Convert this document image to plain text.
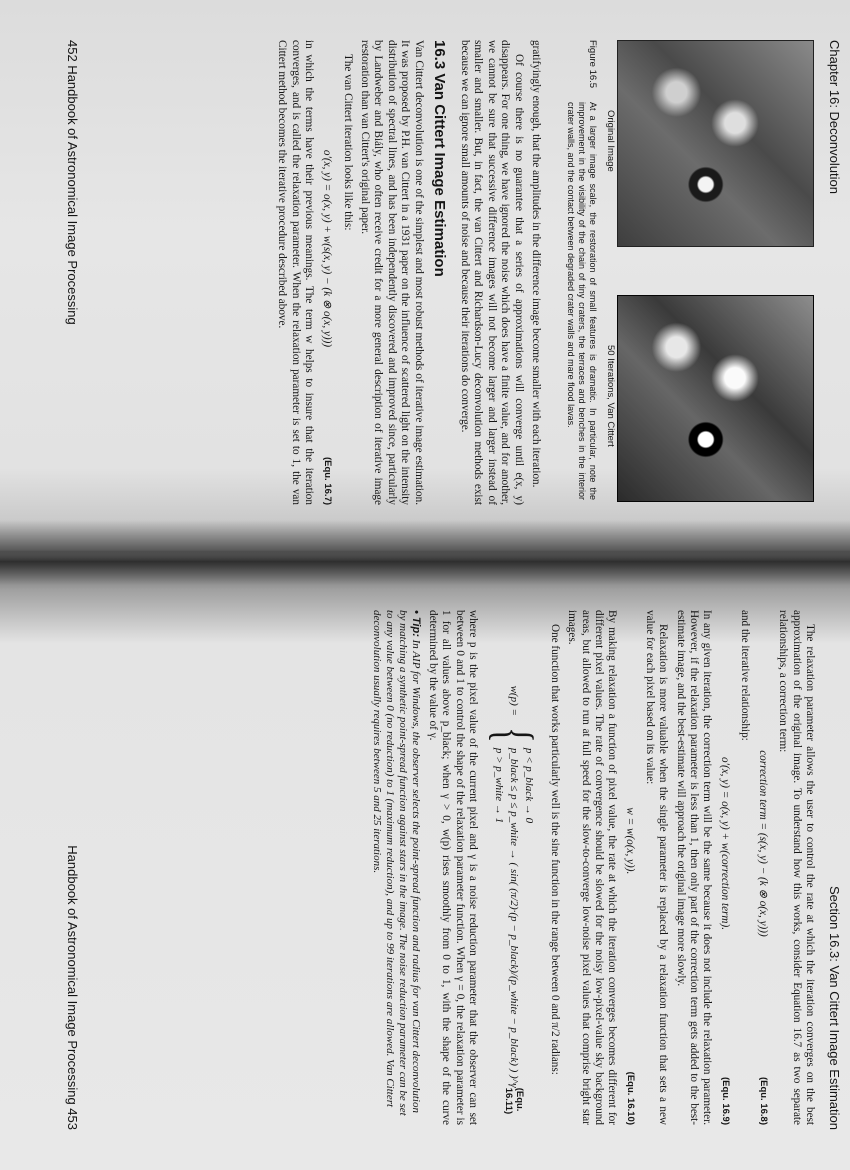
Chapter 16: Deconvolution
Original Image
50 Iterations, Van Cittert
Figure 16.5
At a larger image scale, the restoration of small features is dramatic. In particular, note the improvement in the visibility of the chain of tiny craters, the terraces and benches in the interior crater walls, and the contact between degraded crater walls and mare flood lavas.

gratifyingly enough, that the amplitudes in the difference image become smaller with each iteration.

Of course there is no guarantee that a series of approximations will converge until e(x, y) disappears. For one thing, we have ignored the noise which does have a finite value, and for another, we cannot be sure that successive difference images will not become larger and larger instead of smaller and smaller. But, in fact, the van Cittert and Richardson-Lucy deconvolution methods exist because we can ignore small amounts of noise and because their iterations do converge.

16.3 Van Cittert Image Estimation

Van Cittert deconvolution is one of the simplest and most robust methods of iterative image estimation. It was proposed by P.H. van Cittert in a 1931 paper on the influence of scattered light on the intensity distribution of spectral lines, and has been independently discovered and improved since, particularly by Landweber and Biály, who often receive credit for a more general description of iterative image restoration than van Cittert's original paper.

The van Cittert iteration looks like this:

o′(x, y) = o(x, y) + w(s(x, y) − (k ⊗ o(x, y)))
(Equ. 16.7)

in which the terms have their previous meanings. The term w helps to insure that the iteration converges, and is called the relaxation parameter. When the relaxation parameter is set to 1, the van Cittert method becomes the iterative procedure described above.

452 Handbook of Astronomical Image Processing
Section 16.3: Van Cittert Image Estimation

The relaxation parameter allows the user to control the rate at which the iteration converges on the best approximation of the original image. To understand how this works, consider Equation 16.7 as two separate relationships, a correction term:

correction term = (s(x, y) − (k ⊗ o(x, y)))
(Equ. 16.8)

and the iterative relationship:

o′(x, y) = o(x, y) + w(correction term).
(Equ. 16.9)

In any given iteration, the correction term will be the same because it does not include the relaxation parameter. However, if the relaxation parameter is less than 1, then only part of the correction term gets added to the best-estimate image, and the best-estimate will approach the original image more slowly.

Relaxation is more valuable when the single parameter is replaced by a relaxation function that sets a new value for each pixel based on its value:

w = w(o(x, y)).
(Equ. 16.10)

By making relaxation a function of pixel value, the rate at which the iteration converges becomes different for different pixel values. The rate of convergence should be slowed for the noisy low-pixel-value sky background areas, but allowed to run at full speed for the slow-to-converge low-noise pixel values that comprise bright star images.

One function that works particularly well is the sine function in the range between 0 and π/2 radians:

w(p) =
{
p < p_black → 0
p_black ≤ p ≤ p_white → ( sin( (π/2)·(p − p_black)/(p_white − p_black) ) )^γ
p > p_white → 1
(Equ. 16.11)

where p is the pixel value of the current pixel and γ is a noise reduction parameter that the observer can set between 0 and 1 to control the shape of the relaxation parameter function. When γ = 0, the relaxation parameter is 1 for all values above p_black; when γ > 0, w(p) rises smoothly from 0 to 1, with the shape of the curve determined by the value of γ.

• Tip: In AIP for Windows, the observer selects the point-spread function and radius for van Cittert deconvolution by matching a synthetic point-spread function against stars in the image. The noise reduction parameter can be set to any value between 0 (no reduction) to 1 (maximum reduction), and up to 99 iterations are allowed. Van Cittert deconvolution usually requires between 5 and 25 iterations.
Handbook of Astronomical Image Processing 453
